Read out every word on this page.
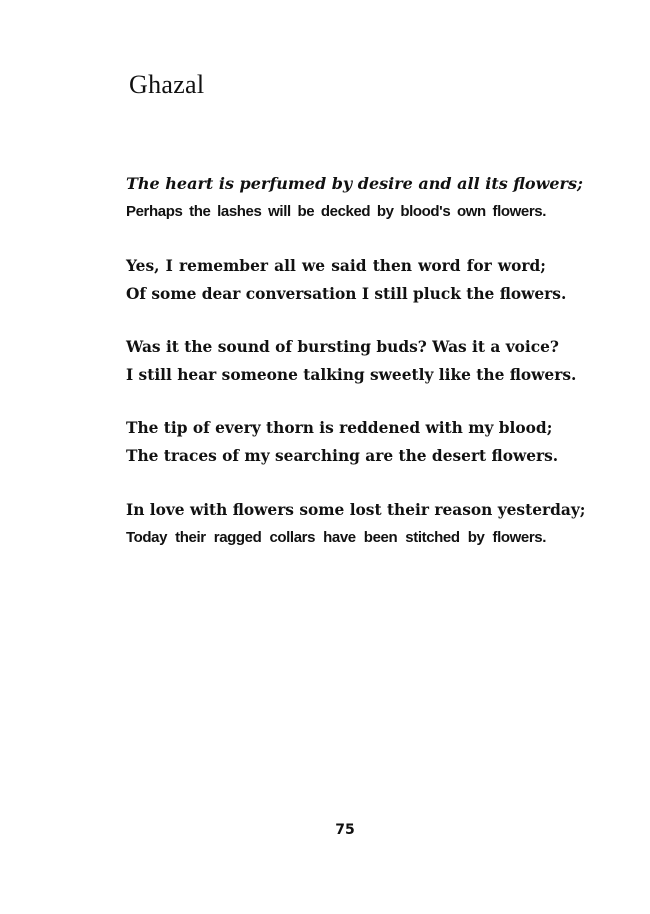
Ghazal
The heart is perfumed by desire and all its flowers;
Perhaps the lashes will be decked by blood's own flowers.
Yes, I remember all we said then word for word;
Of some dear conversation I still pluck the flowers.
Was it the sound of bursting buds? Was it a voice?
I still hear someone talking sweetly like the flowers.
The tip of every thorn is reddened with my blood;
The traces of my searching are the desert flowers.
In love with flowers some lost their reason yesterday;
Today their ragged collars have been stitched by flowers.
75
